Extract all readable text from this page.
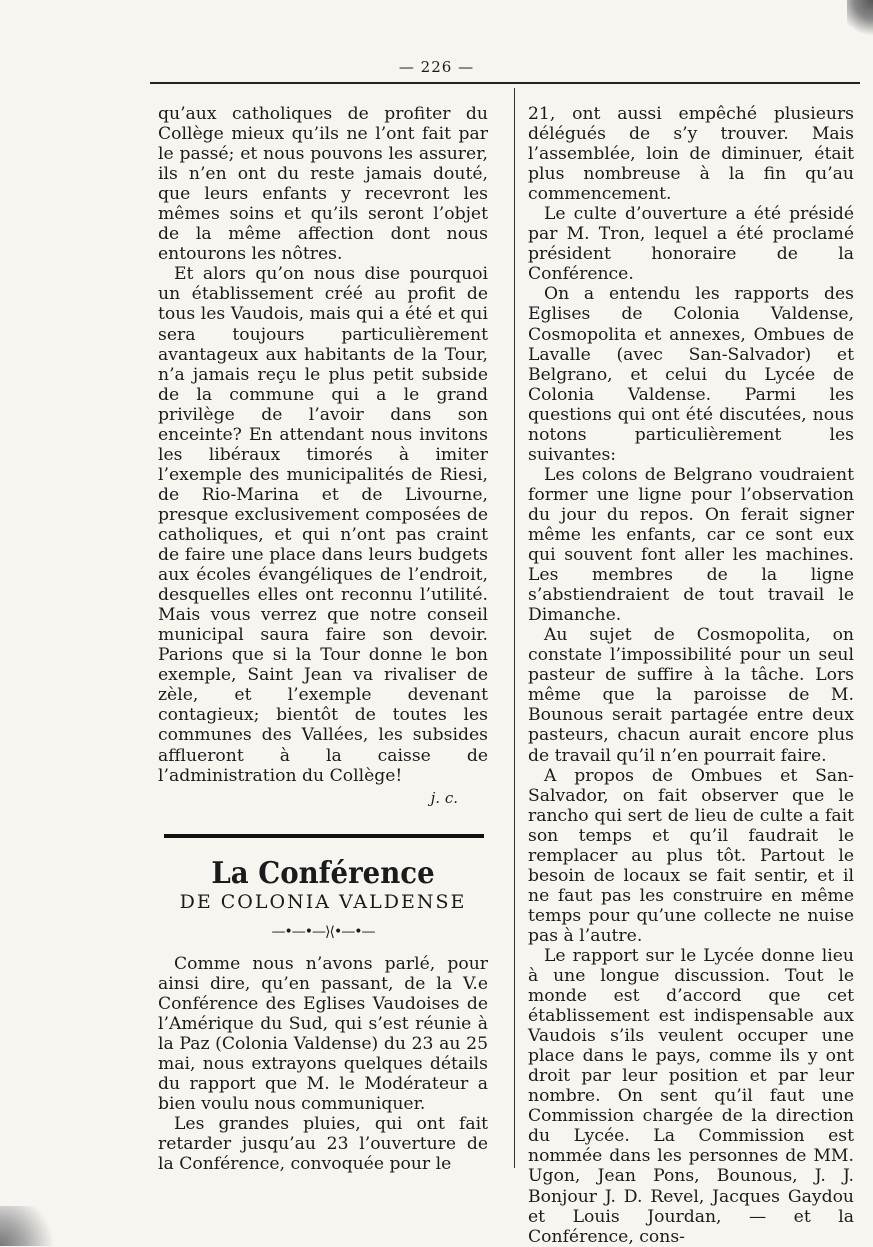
— 226 —

qu’aux catholiques de profiter du Collège mieux qu’ils ne l’ont fait par le passé; et nous pouvons les assurer, ils n’en ont du reste jamais douté, que leurs enfants y recevront les mêmes soins et qu’ils seront l’objet de la même affection dont nous entourons les nôtres.

Et alors qu’on nous dise pourquoi un établissement créé au profit de tous les Vaudois, mais qui a été et qui sera toujours particulièrement avantageux aux habitants de la Tour, n’a jamais reçu le plus petit subside de la commune qui a le grand privilège de l’avoir dans son enceinte? En attendant nous invitons les libéraux timorés à imiter l’exemple des municipalités de Riesi, de Rio-Marina et de Livourne, presque exclusivement composées de catholiques, et qui n’ont pas craint de faire une place dans leurs budgets aux écoles évangéliques de l’endroit, desquelles elles ont reconnu l’utilité. Mais vous verrez que notre conseil municipal saura faire son devoir. Parions que si la Tour donne le bon exemple, Saint Jean va rivaliser de zèle, et l’exemple devenant contagieux; bientôt de toutes les communes des Vallées, les subsides afflueront à la caisse de l’administration du Collège!

j. c.
La Conférence
DE COLONIA VALDENSE
—•—•—⟩⟨•—•—

Comme nous n’avons parlé, pour ainsi dire, qu’en passant, de la V.e Conférence des Eglises Vaudoises de l’Amérique du Sud, qui s’est réunie à la Paz (Colonia Valdense) du 23 au 25 mai, nous extrayons quelques détails du rapport que M. le Modérateur a bien voulu nous communiquer.

Les grandes pluies, qui ont fait retarder jusqu’au 23 l’ouverture de la Conférence, convoquée pour le

21, ont aussi empêché plusieurs délégués de s’y trouver. Mais l’assemblée, loin de diminuer, était plus nombreuse à la fin qu’au commencement.

Le culte d’ouverture a été présidé par M. Tron, lequel a été proclamé président honoraire de la Conférence.

On a entendu les rapports des Eglises de Colonia Valdense, Cosmopolita et annexes, Ombues de Lavalle (avec San-Salvador) et Belgrano, et celui du Lycée de Colonia Valdense. Parmi les questions qui ont été discutées, nous notons particulièrement les suivantes:

Les colons de Belgrano voudraient former une ligne pour l’observation du jour du repos. On ferait signer même les enfants, car ce sont eux qui souvent font aller les machines. Les membres de la ligne s’abstiendraient de tout travail le Dimanche.

Au sujet de Cosmopolita, on constate l’impossibilité pour un seul pasteur de suffire à la tâche. Lors même que la paroisse de M. Bounous serait partagée entre deux pasteurs, chacun aurait encore plus de travail qu’il n’en pourrait faire.

A propos de Ombues et San-Salvador, on fait observer que le rancho qui sert de lieu de culte a fait son temps et qu’il faudrait le remplacer au plus tôt. Partout le besoin de locaux se fait sentir, et il ne faut pas les construire en même temps pour qu’une collecte ne nuise pas à l’autre.

Le rapport sur le Lycée donne lieu à une longue discussion. Tout le monde est d’accord que cet établissement est indispensable aux Vaudois s’ils veulent occuper une place dans le pays, comme ils y ont droit par leur position et par leur nombre. On sent qu’il faut une Commission chargée de la direction du Lycée. La Commission est nommée dans les personnes de MM. Ugon, Jean Pons, Bounous, J. J. Bonjour J. D. Revel, Jacques Gaydou et Louis Jourdan, — et la Conférence, cons-
